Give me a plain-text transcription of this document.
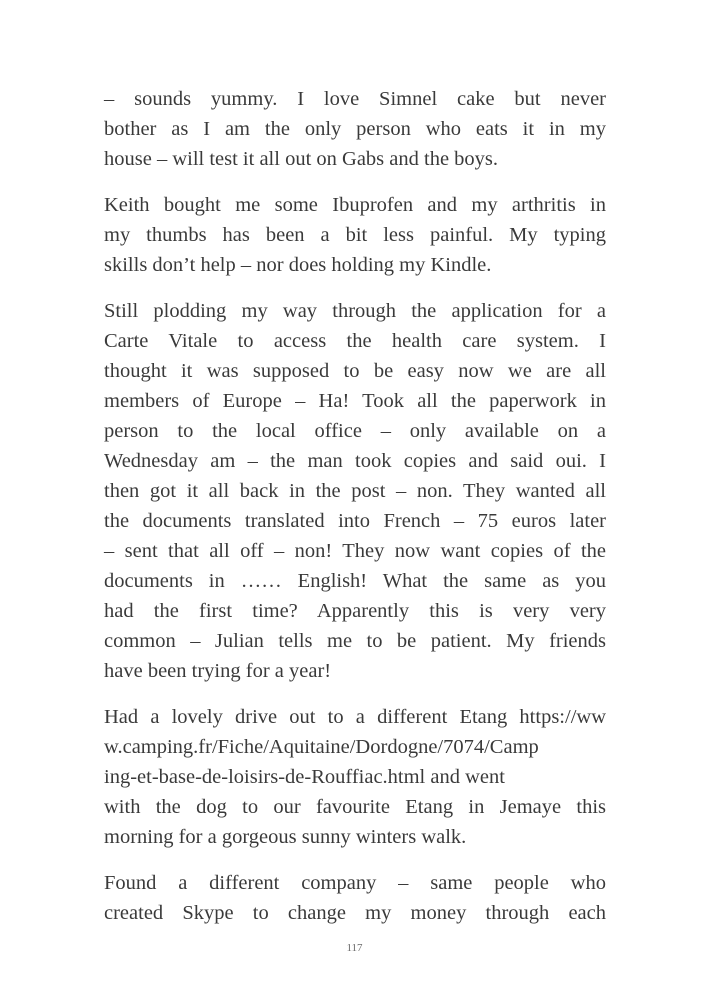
– sounds yummy. I love Simnel cake but never
bother as I am the only person who eats it in my
house – will test it all out on Gabs and the boys.

Keith bought me some Ibuprofen and my arthritis in
my thumbs has been a bit less painful. My typing
skills don’t help – nor does holding my Kindle.

Still plodding my way through the application for a
Carte Vitale to access the health care system. I
thought it was supposed to be easy now we are all
members of Europe – Ha! Took all the paperwork in
person to the local office – only available on a
Wednesday am – the man took copies and said oui. I
then got it all back in the post – non. They wanted all
the documents translated into French – 75 euros later
– sent that all off – non! They now want copies of the
documents in …… English! What the same as you
had the first time? Apparently this is very very
common – Julian tells me to be patient. My friends
have been trying for a year!

Had a lovely drive out to a different Etang https://ww
w.camping.fr/Fiche/Aquitaine/Dordogne/7074/Camp
ing-et-base-de-loisirs-de-Rouffiac.html and went
with the dog to our favourite Etang in Jemaye this
morning for a gorgeous sunny winters walk.

Found a different company – same people who
created Skype to change my money through each

117
